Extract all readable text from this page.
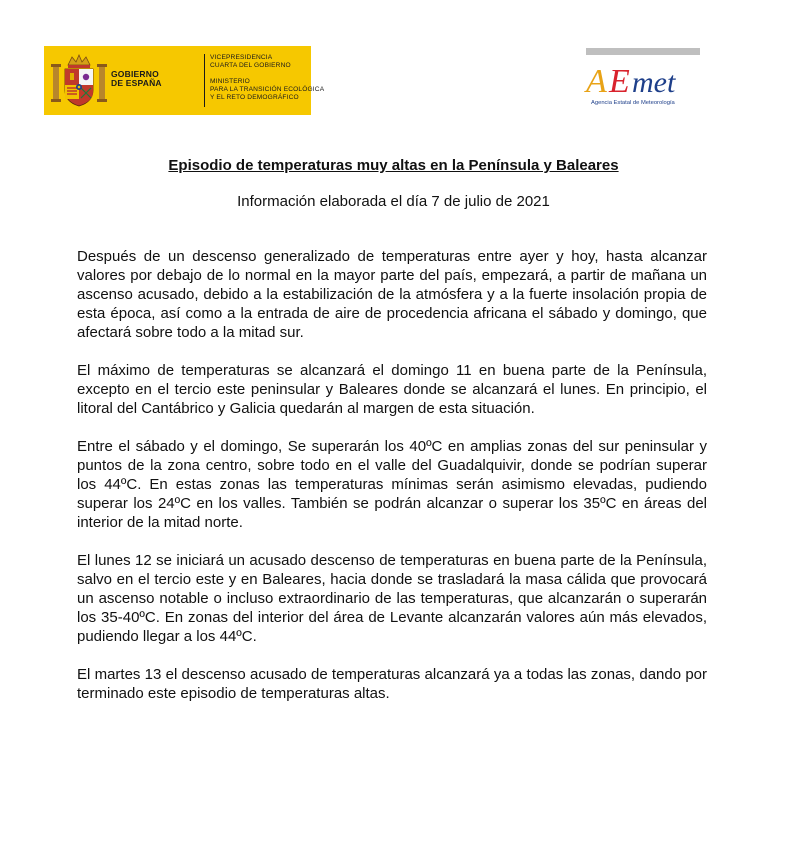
GOBIERNO
DE ESPAÑA
VICEPRESIDENCIA
CUARTA DEL GOBIERNO
MINISTERIO
PARA LA TRANSICIÓN ECOLÓGICA
Y EL RETO DEMOGRÁFICO	A E met
Agencia Estatal de Meteorología
Episodio de temperaturas muy altas en la Península y Baleares

Información elaborada el día 7 de julio de 2021

Después de un descenso generalizado de temperaturas entre ayer y hoy, hasta alcanzar valores por debajo de lo normal en la mayor parte del país, empezará, a partir de mañana un ascenso acusado, debido a la estabilización de la atmósfera y a la fuerte insolación propia de esta época, así como a la entrada de aire de procedencia africana el sábado y domingo, que afectará sobre todo a la mitad sur.

El máximo de temperaturas se alcanzará el domingo 11 en buena parte de la Península, excepto en el tercio este peninsular y Baleares donde se alcanzará el lunes. En principio, el litoral del Cantábrico y Galicia quedarán al margen de esta situación.

Entre el sábado y el domingo, Se superarán los 40ºC en amplias zonas del sur peninsular y puntos de la zona centro, sobre todo en el valle del Guadalquivir, donde se podrían superar los 44ºC. En estas zonas las temperaturas mínimas serán asimismo elevadas, pudiendo superar los 24ºC en los valles. También se podrán alcanzar o superar los 35ºC en áreas del interior de la mitad norte.

El lunes 12 se iniciará un acusado descenso de temperaturas en buena parte de la Península, salvo en el tercio este y en Baleares, hacia donde se trasladará la masa cálida que provocará un ascenso notable o incluso extraordinario de las temperaturas, que alcanzarán o superarán los 35-40ºC. En zonas del interior del área de Levante alcanzarán valores aún más elevados, pudiendo llegar a los 44ºC.

El martes 13 el descenso acusado de temperaturas alcanzará ya a todas las zonas, dando por terminado este episodio de temperaturas altas.
